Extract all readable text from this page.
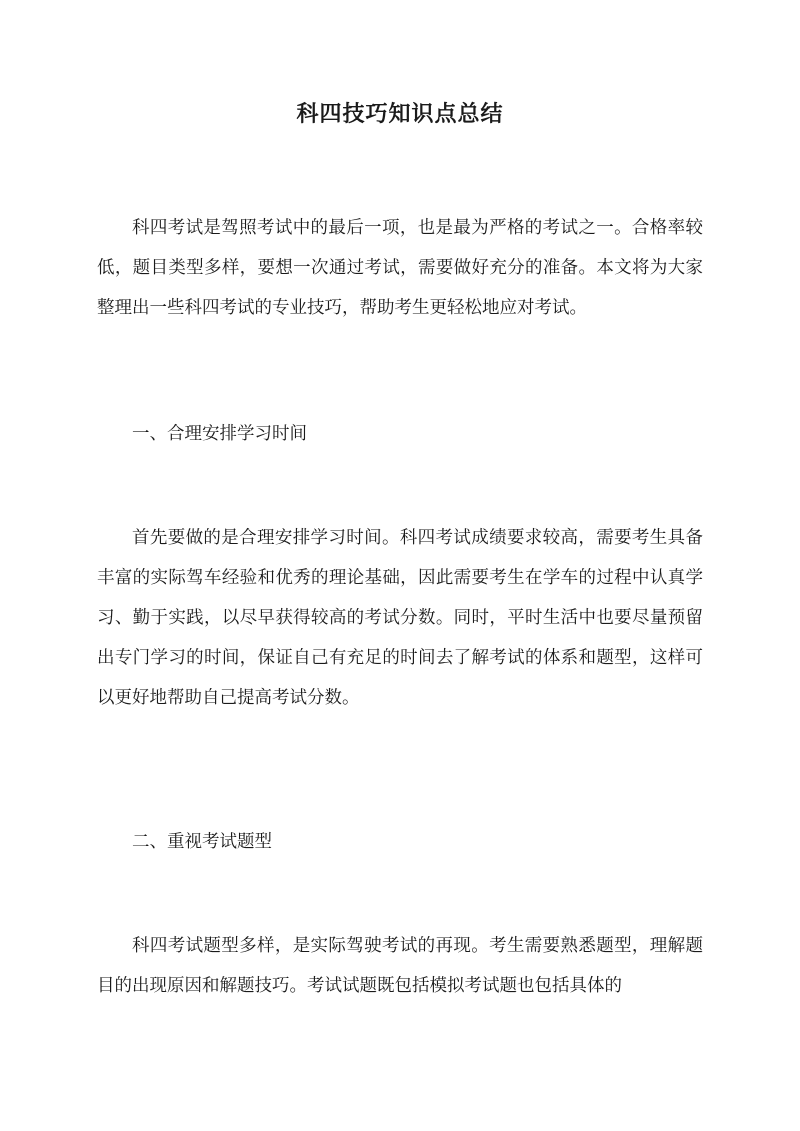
科四技巧知识点总结

科四考试是驾照考试中的最后一项，也是最为严格的考试之一。合格率较低，题目类型多样，要想一次通过考试，需要做好充分的准备。本文将为大家整理出一些科四考试的专业技巧，帮助考生更轻松地应对考试。

一、合理安排学习时间

首先要做的是合理安排学习时间。科四考试成绩要求较高，需要考生具备丰富的实际驾车经验和优秀的理论基础，因此需要考生在学车的过程中认真学习、勤于实践，以尽早获得较高的考试分数。同时，平时生活中也要尽量预留出专门学习的时间，保证自己有充足的时间去了解考试的体系和题型，这样可以更好地帮助自己提高考试分数。

二、重视考试题型

科四考试题型多样，是实际驾驶考试的再现。考生需要熟悉题型，理解题目的出现原因和解题技巧。考试试题既包括模拟考试题也包括具体的
